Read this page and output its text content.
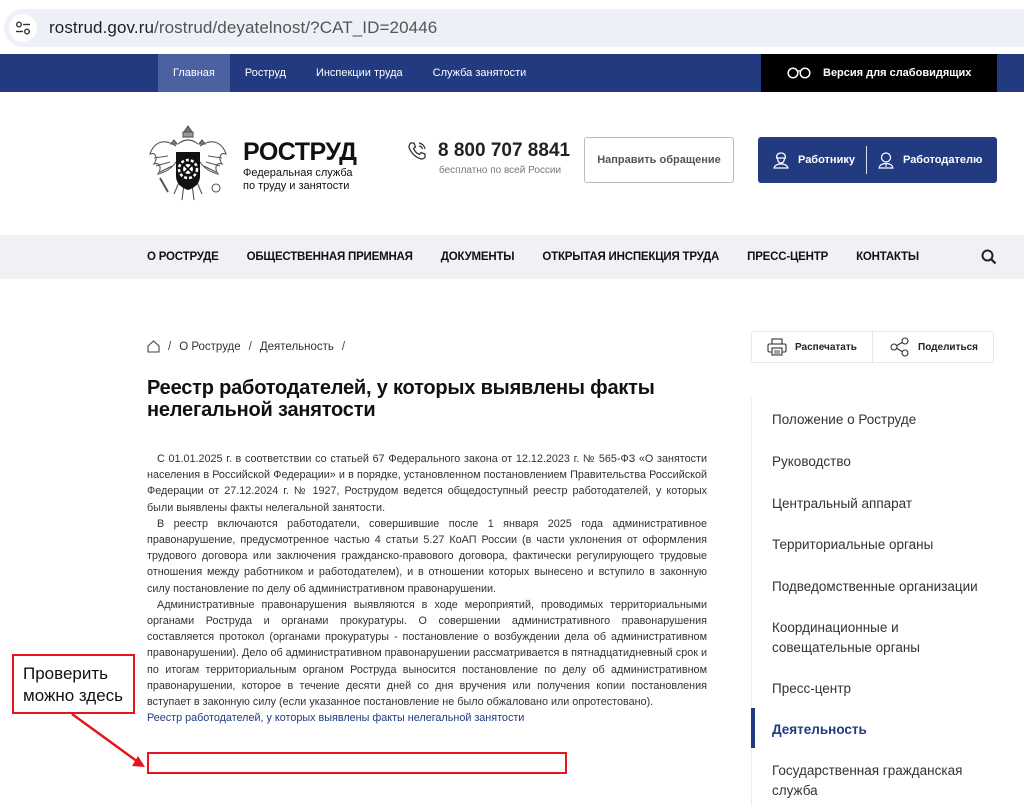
rostrud.gov.ru/rostrud/deyatelnost/?CAT_ID=20446
Главная	Роструд	Инспекции труда	Служба занятости	Версия для слабовидящих
РОСТРУД
Федеральная служба
по труду и занятости
8 800 707 8841
бесплатно по всей России
Направить обращение	Работнику	Работодателю
О РОСТРУДЕ ОБЩЕСТВЕННАЯ ПРИЕМНАЯ ДОКУМЕНТЫ ОТКРЫТАЯ ИНСПЕКЦИЯ ТРУДА ПРЕСС-ЦЕНТР КОНТАКТЫ
/ О Роструде / Деятельность /
Реестр работодателей, у которых выявлены факты нелегальной занятости

С 01.01.2025 г. в соответствии со статьей 67 Федерального закона от 12.12.2023 г. № 565-ФЗ «О занятости населения в Российской Федерации» и в порядке, установленном постановлением Правительства Российской Федерации от 27.12.2024 г. № 1927, Рострудом ведется общедоступный реестр работодателей, у которых были выявлены факты нелегальной занятости.

В реестр включаются работодатели, совершившие после 1 января 2025 года административное правонарушение, предусмотренное частью 4 статьи 5.27 КоАП России (в части уклонения от оформления трудового договора или заключения гражданско-правового договора, фактически регулирующего трудовые отношения между работником и работодателем), и в отношении которых вынесено и вступило в законную силу постановление по делу об административном правонарушении.

Административные правонарушения выявляются в ходе мероприятий, проводимых территориальными органами Роструда и органами прокуратуры. О совершении административного правонарушения составляется протокол (органами прокуратуры - постановление о возбуждении дела об административном правонарушении). Дело об административном правонарушении рассматривается в пятнадцатидневный срок и по итогам территориальным органом Роструда выносится постановление по делу об административном правонарушении, которое в течение десяти дней со дня вручения или получения копии постановления вступает в законную силу (если указанное постановление не было обжаловано или опротестовано).

Реестр работодателей, у которых выявлены факты нелегальной занятости
Проверить
можно здесь
Распечатать	Поделиться
Положение о Роструде
Руководство
Центральный аппарат
Территориальные органы
Подведомственные организации
Координационные и совещательные органы
Пресс-центр
Деятельность
Государственная гражданская служба
